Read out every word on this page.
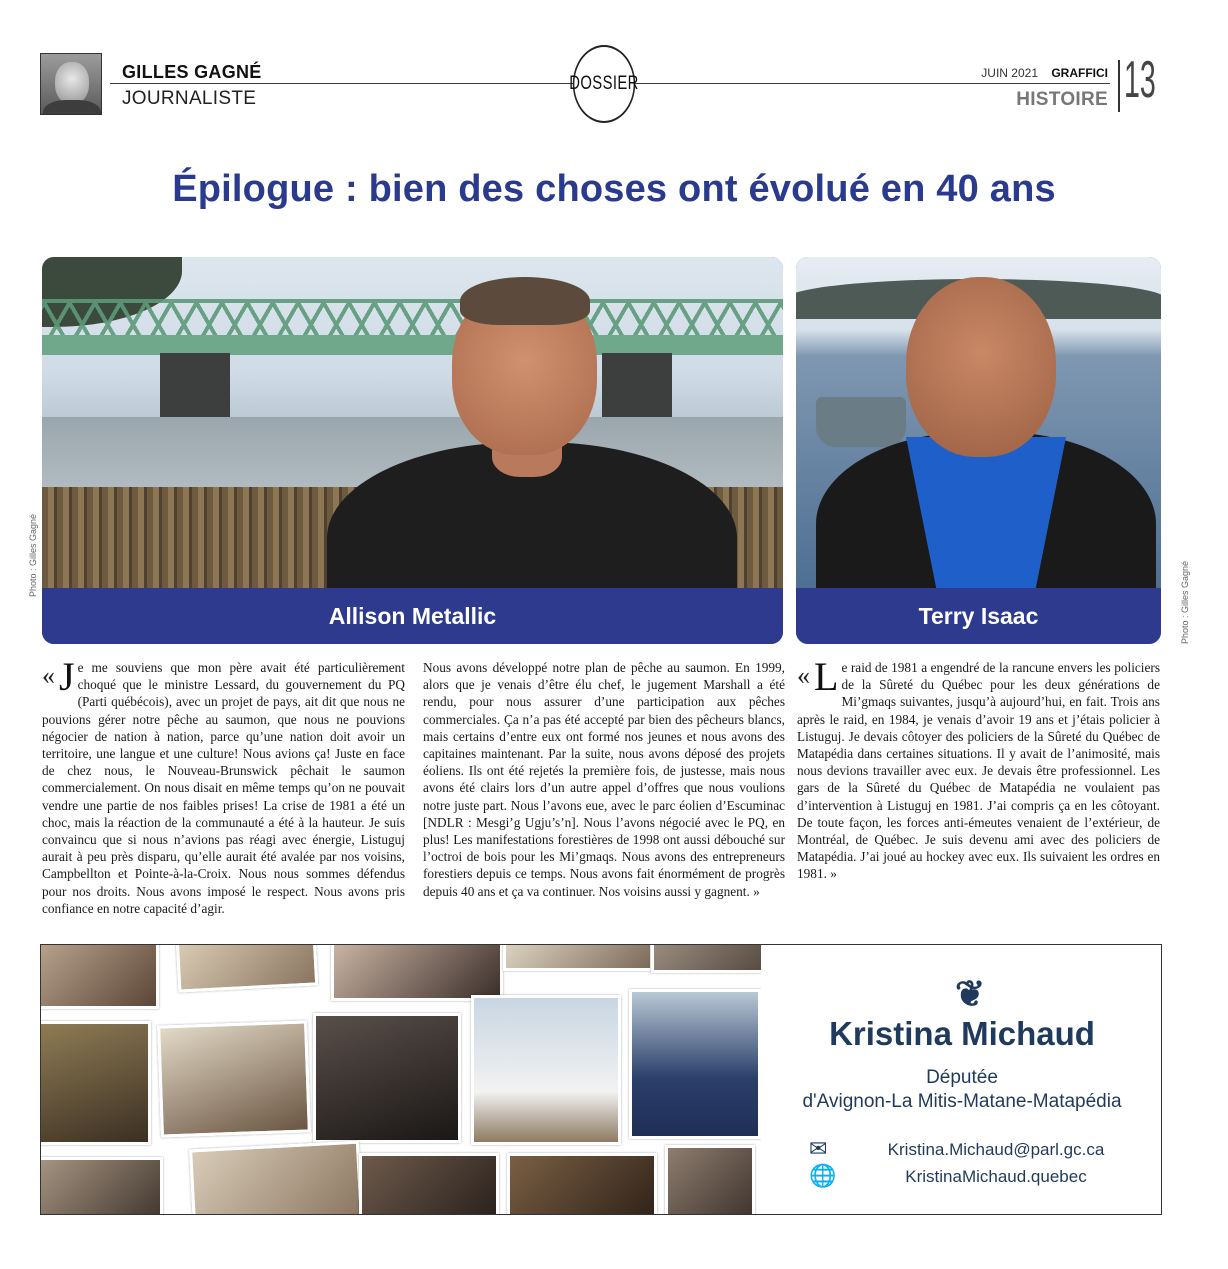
GILLES GAGNÉ
JOURNALISTE
DOSSIER	JUIN 2021 GRAFFICI
HISTOIRE 13
Épilogue : bien des choses ont évolué en 40 ans
Allison Metallic	Terry Isaac
Photo : Gilles Gagné
Photo : Gilles Gagné
« J e me souviens que mon père avait été particulièrement choqué que le ministre Lessard, du gouvernement du PQ (Parti québécois), avec un projet de pays, ait dit que nous ne pouvions gérer notre pêche au saumon, que nous ne pouvions négocier de nation à nation, parce qu’une nation doit avoir un territoire, une langue et une culture! Nous avions ça! Juste en face de chez nous, le Nouveau-Brunswick pêchait le saumon commercialement. On nous disait en même temps qu’on ne pouvait vendre une partie de nos faibles prises! La crise de 1981 a été un choc, mais la réaction de la communauté a été à la hauteur. Je suis convaincu que si nous n’avions pas réagi avec énergie, Listuguj aurait à peu près disparu, qu’elle aurait été avalée par nos voisins, Campbellton et Pointe-à-la-Croix. Nous nous sommes défendus pour nos droits. Nous avons imposé le respect. Nous avons pris confiance en notre capacité d’agir.
Nous avons développé notre plan de pêche au saumon. En 1999, alors que je venais d’être élu chef, le jugement Marshall a été rendu, pour nous assurer d’une participation aux pêches commerciales. Ça n’a pas été accepté par bien des pêcheurs blancs, mais certains d’entre eux ont formé nos jeunes et nous avons des capitaines maintenant. Par la suite, nous avons déposé des projets éoliens. Ils ont été rejetés la première fois, de justesse, mais nous avons été clairs lors d’un autre appel d’offres que nous voulions notre juste part. Nous l’avons eue, avec le parc éolien d’Escuminac [NDLR : Mesgi’g Ugju’s’n]. Nous l’avons négocié avec le PQ, en plus! Les manifestations forestières de 1998 ont aussi débouché sur l’octroi de bois pour les Mi’gmaqs. Nous avons des entrepreneurs forestiers depuis ce temps. Nous avons fait énormément de progrès depuis 40 ans et ça va continuer. Nos voisins aussi y gagnent. »
« L e raid de 1981 a engendré de la rancune envers les policiers de la Sûreté du Québec pour les deux générations de Mi’gmaqs suivantes, jusqu’à aujourd’hui, en fait. Trois ans après le raid, en 1984, je venais d’avoir 19 ans et j’étais policier à Listuguj. Je devais côtoyer des policiers de la Sûreté du Québec de Matapédia dans certaines situations. Il y avait de l’animosité, mais nous devions travailler avec eux. Je devais être professionnel. Les gars de la Sûreté du Québec de Matapédia ne voulaient pas d’intervention à Listuguj en 1981. J’ai compris ça en les côtoyant. De toute façon, les forces anti-émeutes venaient de l’extérieur, de Montréal, de Québec. Je suis devenu ami avec des policiers de Matapédia. J’ai joué au hockey avec eux. Ils suivaient les ordres en 1981. »
❦
Kristina Michaud
Députée
d'Avignon-La Mitis-Matane-Matapédia
✉	Kristina.Michaud@parl.gc.ca
🌐	KristinaMichaud.quebec
